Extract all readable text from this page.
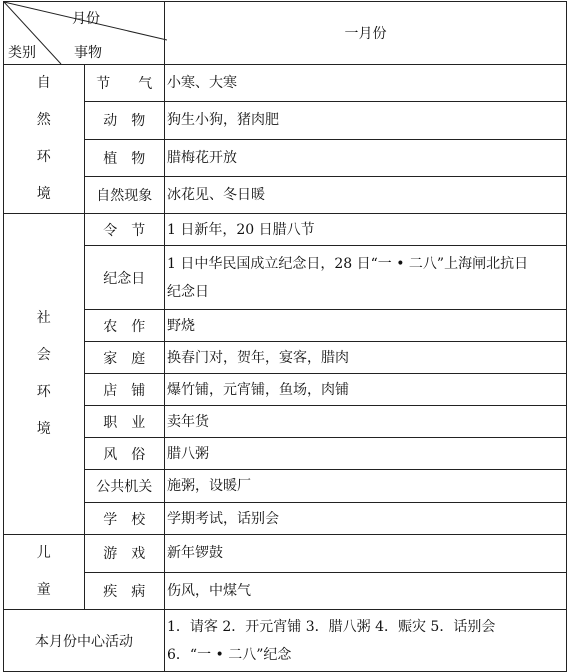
月份
类别 事物		一月份

自
然
环
境	节　　气	小寒、大寒
	动　物	狗生小狗，猪肉肥
	植　物	腊梅花开放
	自然现象	冰花见、冬日暖

社
会
环
境	令　节	1 日新年，20 日腊八节
	纪念日	1 日中华民国成立纪念日，28 日“一 • 二八”上海闸北抗日
纪念日

	农　作	野烧
	家　庭	换春门对，贺年，宴客，腊肉
	店　铺	爆竹铺，元宵铺，鱼场，肉铺
	职　业	卖年货
	风　俗	腊八粥
	公共机关	施粥，设暖厂
	学　校	学期考试，话别会

儿
童	游　戏	新年锣鼓
	疾　病	伤风，中煤气
本月份中心活动		1．请客 2．开元宵铺 3．腊八粥 4．赈灾 5．话别会
6．“一 • 二八”纪念
